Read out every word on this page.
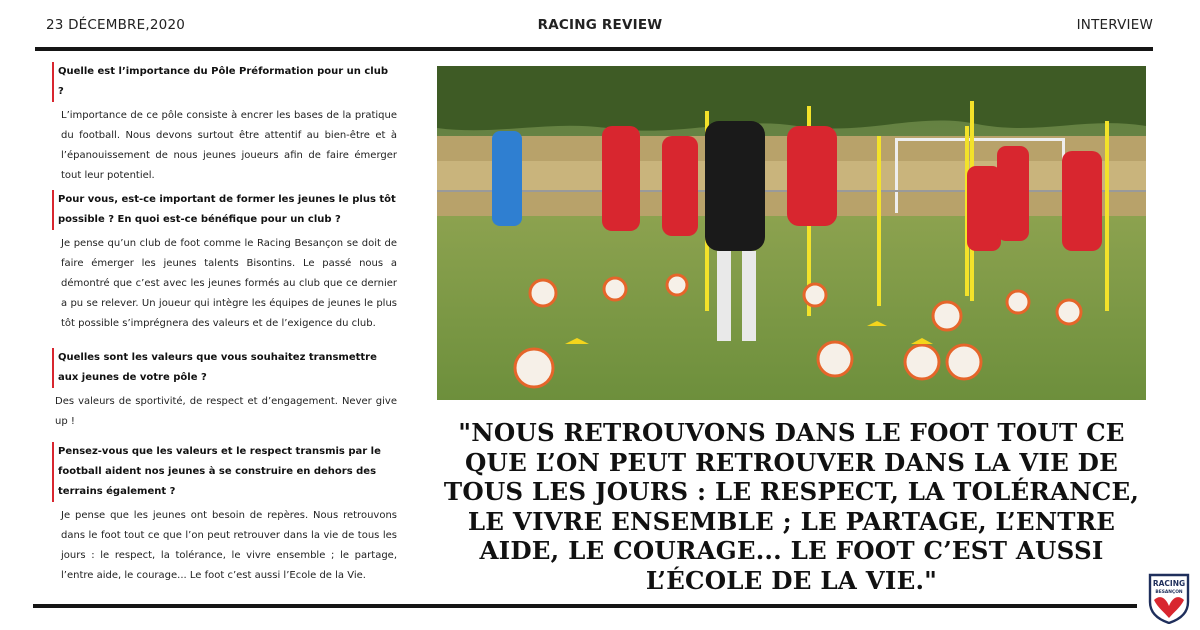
23 DÉCEMBRE,2020	RACING REVIEW	INTERVIEW
Quelle est l’importance du Pôle Préformation pour un club ?
L’importance de ce pôle consiste à encrer les bases de la pratique du football. Nous devons surtout être attentif au bien-être et à l’épanouissement de nous jeunes joueurs afin de faire émerger tout leur potentiel.
Pour vous, est-ce important de former les jeunes le plus tôt possible ? En quoi est-ce bénéfique pour un club ?
Je pense qu’un club de foot comme le Racing Besançon se doit de faire émerger les jeunes talents Bisontins. Le passé nous a démontré que c’est avec les jeunes formés au club que ce dernier a pu se relever. Un joueur qui intègre les équipes de jeunes le plus tôt possible s’imprégnera des valeurs et de l’exigence du club.
Quelles sont les valeurs que vous souhaitez transmettre aux jeunes de votre pôle ?
Des valeurs de sportivité, de respect et d’engagement. Never give up !
Pensez-vous que les valeurs et le respect transmis par le football aident nos jeunes à se construire en dehors des terrains également ?
Je pense que les jeunes ont besoin de repères. Nous retrouvons dans le foot tout ce que l’on peut retrouver dans la vie de tous les jours : le respect, la tolérance, le vivre ensemble ; le partage, l’entre aide, le courage... Le foot c’est aussi l’Ecole de la Vie.
"NOUS RETROUVONS DANS LE FOOT TOUT CE QUE L’ON PEUT RETROUVER DANS LA VIE DE TOUS LES JOURS : LE RESPECT, LA TOLÉRANCE, LE VIVRE ENSEMBLE ; LE PARTAGE, L’ENTRE AIDE, LE COURAGE... LE FOOT C’EST AUSSI L’ÉCOLE DE LA VIE."	RACING
BESANÇON
